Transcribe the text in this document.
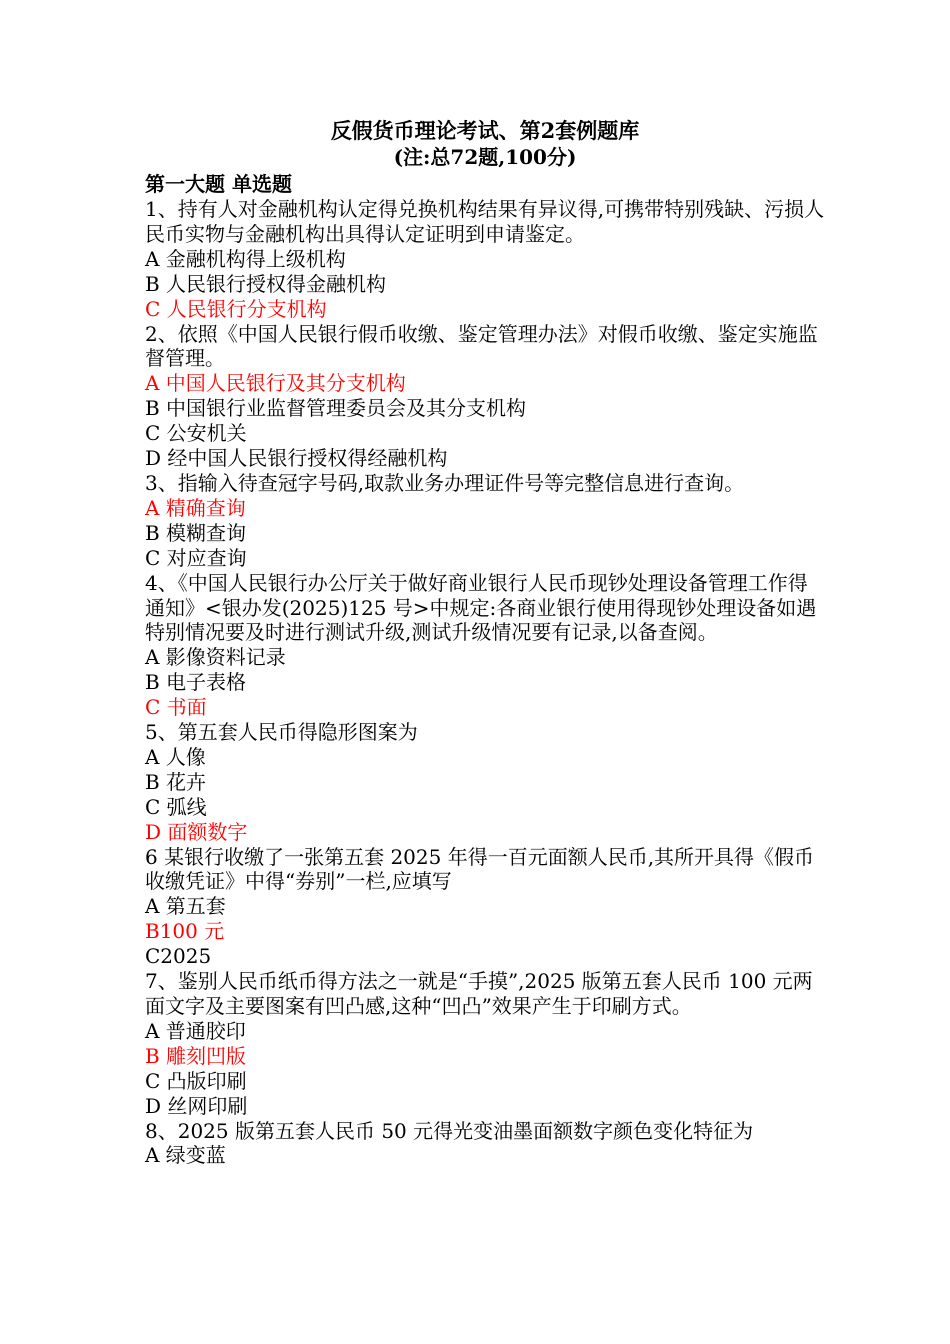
反假货币理论考试、第2套例题库
(注:总72题,100分)
第一大题 单选题
1、持有人对金融机构认定得兑换机构结果有异议得,可携带特别残缺、污损人民币实物与金融机构出具得认定证明到申请鉴定。
A 金融机构得上级机构
B 人民银行授权得金融机构
C 人民银行分支机构
2、依照《中国人民银行假币收缴、鉴定管理办法》对假币收缴、鉴定实施监督管理。
A 中国人民银行及其分支机构
B 中国银行业监督管理委员会及其分支机构
C 公安机关
D 经中国人民银行授权得经融机构
3、指输入待查冠字号码,取款业务办理证件号等完整信息进行查询。
A 精确查询
B 模糊查询
C 对应查询
4、《中国人民银行办公厅关于做好商业银行人民币现钞处理设备管理工作得通知》<银办发(2025)125 号>中规定:各商业银行使用得现钞处理设备如遇特别情况要及时进行测试升级,测试升级情况要有记录,以备查阅。
A 影像资料记录
B 电子表格
C 书面
5、第五套人民币得隐形图案为
A 人像
B 花卉
C 弧线
D 面额数字
6 某银行收缴了一张第五套 2025 年得一百元面额人民币,其所开具得《假币收缴凭证》中得“券别”一栏,应填写
A 第五套
B100 元
C2025
7、鉴别人民币纸币得方法之一就是“手摸”,2025 版第五套人民币 100 元两面文字及主要图案有凹凸感,这种“凹凸”效果产生于印刷方式。
A 普通胶印
B 雕刻凹版
C 凸版印刷
D 丝网印刷
8、2025 版第五套人民币 50 元得光变油墨面额数字颜色变化特征为
A 绿变蓝
